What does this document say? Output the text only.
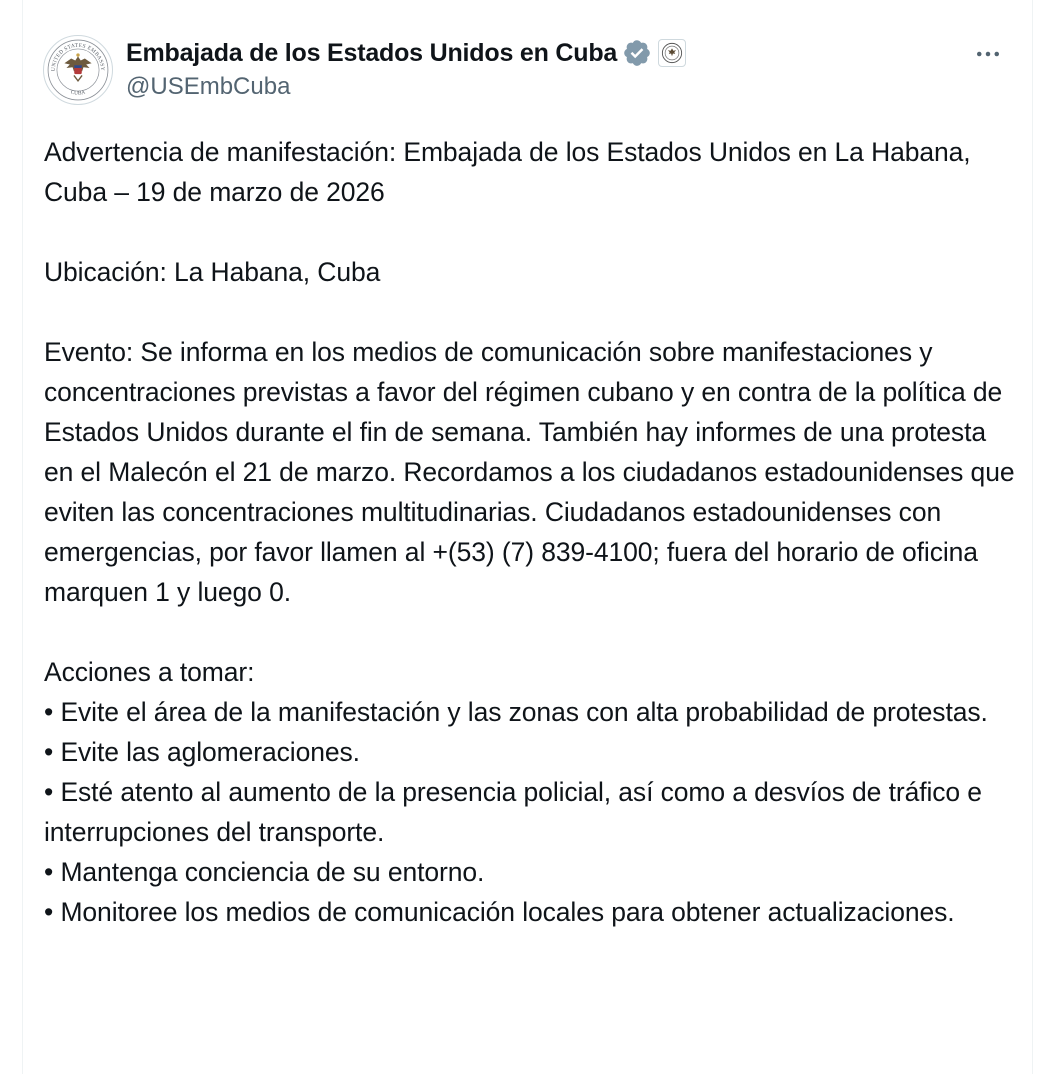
UNITED STATES EMBASSY
CUBA
Embajada de los Estados Unidos en Cuba
@USEmbCuba

Advertencia de manifestación: Embajada de los Estados Unidos en La Habana, Cuba – 19 de marzo de 2026

Ubicación: La Habana, Cuba

Evento: Se informa en los medios de comunicación sobre manifestaciones y concentraciones previstas a favor del régimen cubano y en contra de la política de Estados Unidos durante el fin de semana. También hay informes de una protesta en el Malecón el 21 de marzo. Recordamos a los ciudadanos estadounidenses que eviten las concentraciones multitudinarias. Ciudadanos estadounidenses con emergencias, por favor llamen al +(53) (7) 839-4100; fuera del horario de oficina marquen 1 y luego 0.

Acciones a tomar:

• Evite el área de la manifestación y las zonas con alta probabilidad de protestas.

• Evite las aglomeraciones.

• Esté atento al aumento de la presencia policial, así como a desvíos de tráfico e interrupciones del transporte.

• Mantenga conciencia de su entorno.

• Monitoree los medios de comunicación locales para obtener actualizaciones.
